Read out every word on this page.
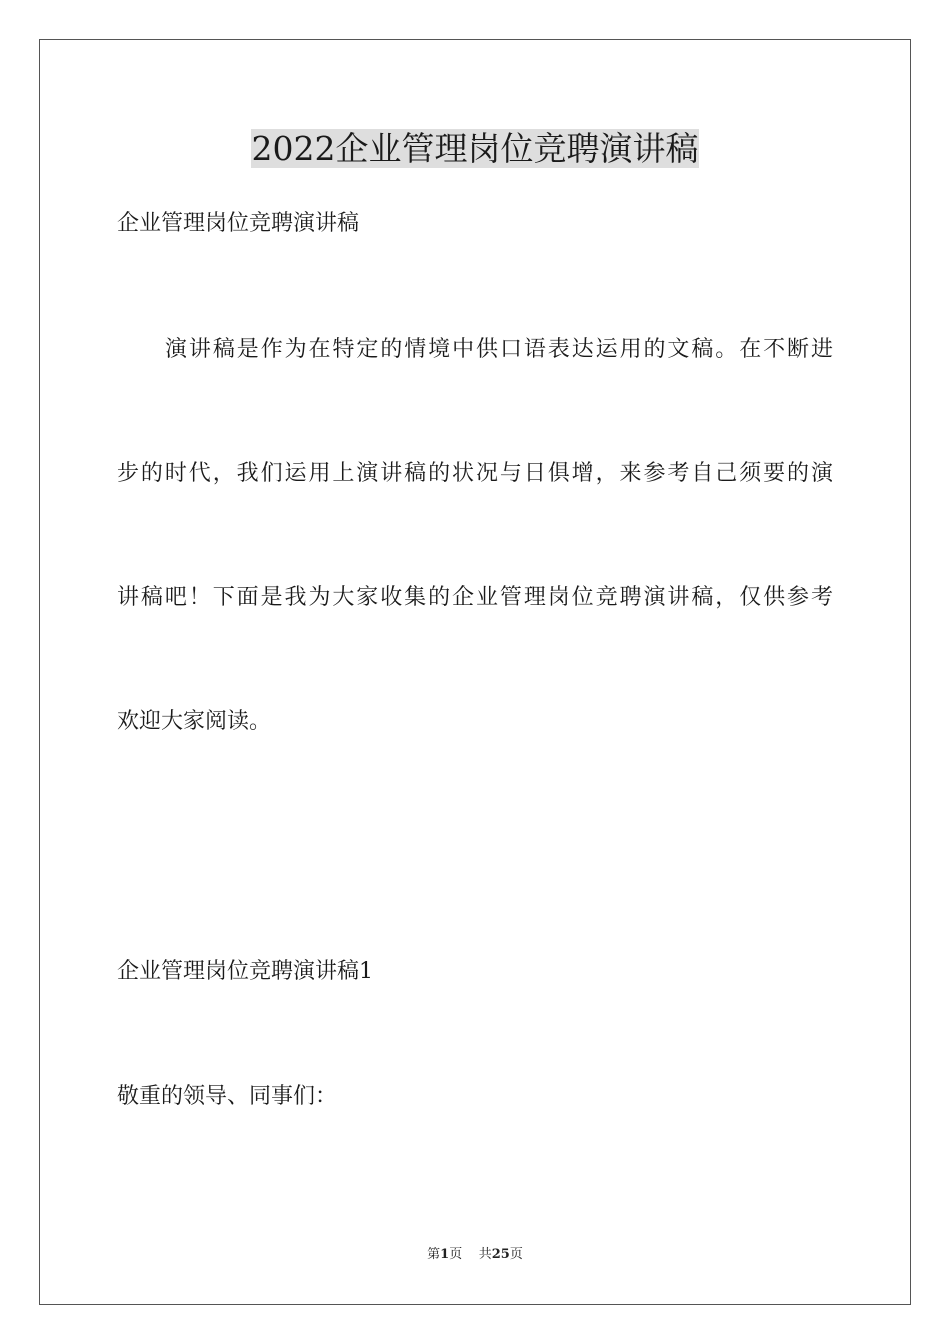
2022企业管理岗位竞聘演讲稿

企业管理岗位竞聘演讲稿

演讲稿是作为在特定的情境中供口语表达运用的文稿。在不断进

步的时代，我们运用上演讲稿的状况与日俱增，来参考自己须要的演

讲稿吧！下面是我为大家收集的企业管理岗位竞聘演讲稿，仅供参考

欢迎大家阅读。

企业管理岗位竞聘演讲稿1

敬重的领导、同事们：

第1页 共25页
